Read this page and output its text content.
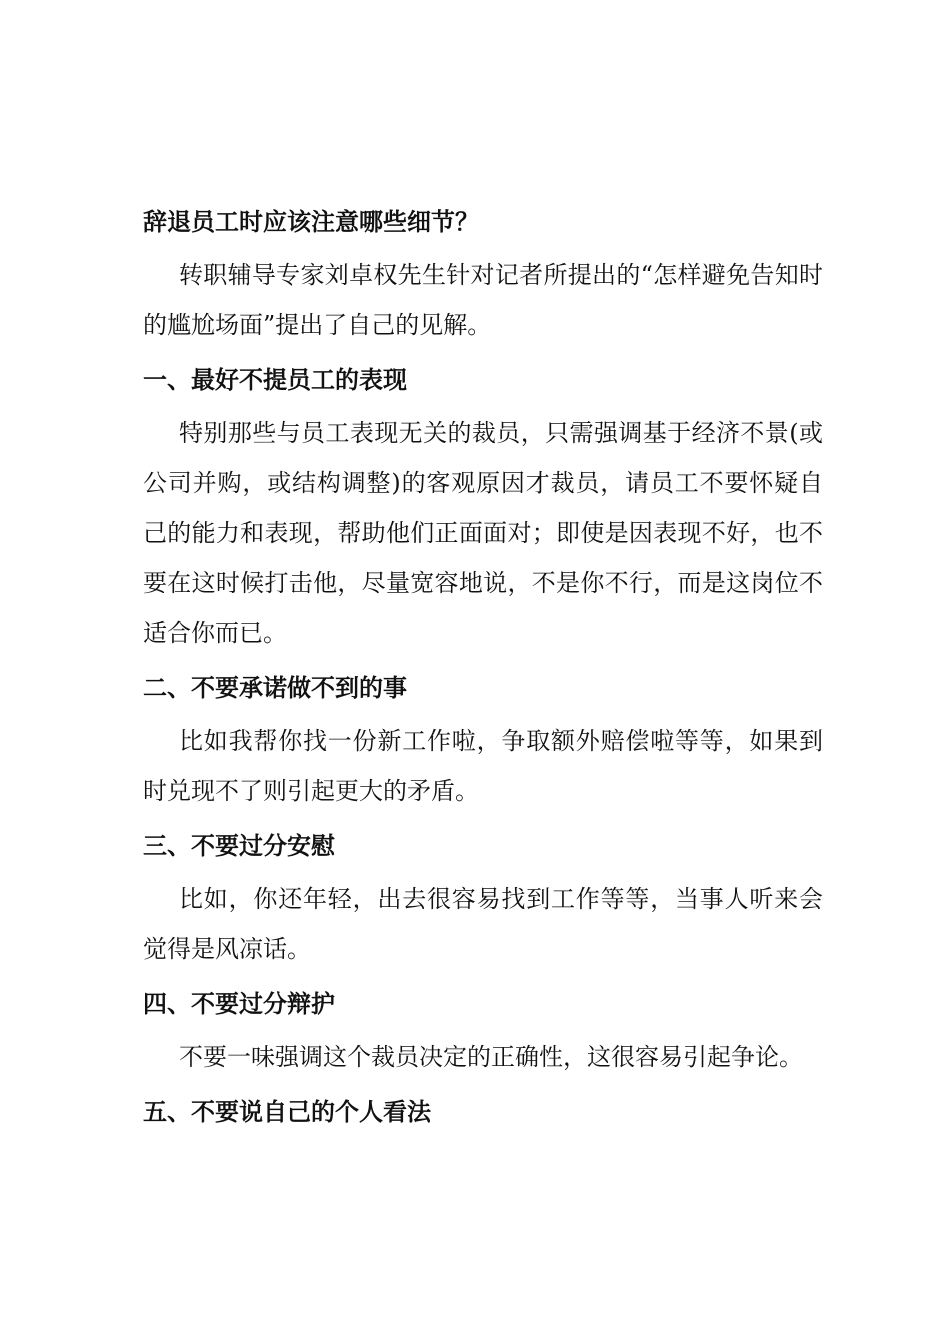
辞退员工时应该注意哪些细节？

转职辅导专家刘卓权先生针对记者所提出的“怎样避免告知时的尴尬场面”提出了自己的见解。

一、最好不提员工的表现

特别那些与员工表现无关的裁员，只需强调基于经济不景(或公司并购，或结构调整)的客观原因才裁员，请员工不要怀疑自己的能力和表现，帮助他们正面面对；即使是因表现不好，也不要在这时候打击他，尽量宽容地说，不是你不行，而是这岗位不适合你而已。

二、不要承诺做不到的事

比如我帮你找一份新工作啦，争取额外赔偿啦等等，如果到时兑现不了则引起更大的矛盾。

三、不要过分安慰

比如，你还年轻，出去很容易找到工作等等，当事人听来会觉得是风凉话。

四、不要过分辩护

不要一味强调这个裁员决定的正确性，这很容易引起争论。

五、不要说自己的个人看法
